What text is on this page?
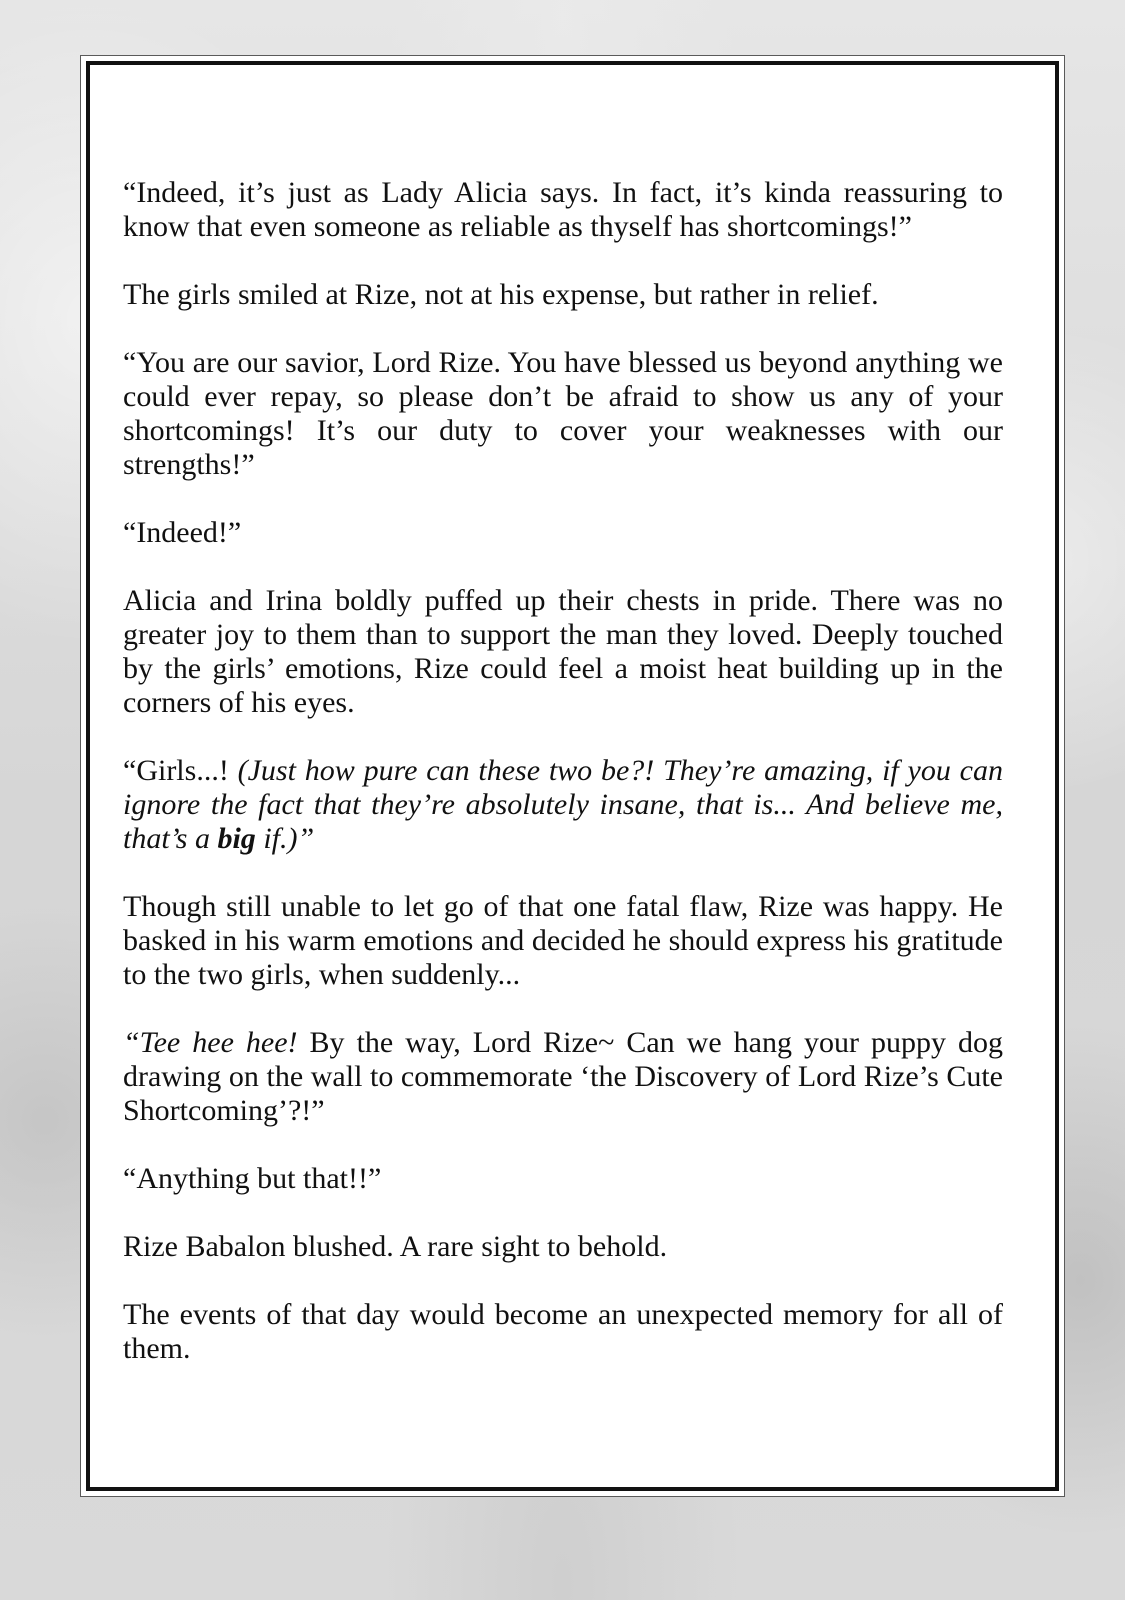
“Indeed, it’s just as Lady Alicia says. In fact, it’s kinda reassuring to know that even someone as reliable as thyself has shortcomings!”

The girls smiled at Rize, not at his expense, but rather in relief.

“You are our savior, Lord Rize. You have blessed us beyond anything we could ever repay, so please don’t be afraid to show us any of your shortcomings! It’s our duty to cover your weaknesses with our strengths!”

“Indeed!”

Alicia and Irina boldly puffed up their chests in pride. There was no greater joy to them than to support the man they loved. Deeply touched by the girls’ emotions, Rize could feel a moist heat building up in the corners of his eyes.

“Girls...! (Just how pure can these two be?! They’re amazing, if you can ignore the fact that they’re absolutely insane, that is... And believe me, that’s a big if.)”

Though still unable to let go of that one fatal flaw, Rize was happy. He basked in his warm emotions and decided he should express his gratitude to the two girls, when suddenly...

“Tee hee hee! By the way, Lord Rize~ Can we hang your puppy dog drawing on the wall to commemorate ‘the Discovery of Lord Rize’s Cute Shortcoming’?!”

“Anything but that!!”

Rize Babalon blushed. A rare sight to behold.

The events of that day would become an unexpected memory for all of them.
